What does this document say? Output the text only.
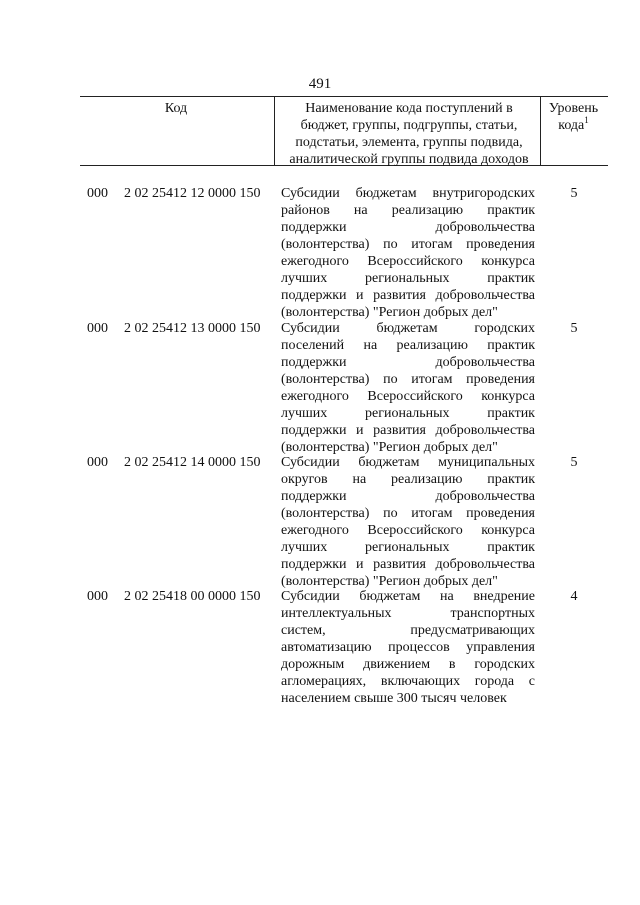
491
Код	Наименование кода поступлений в
бюджет, группы, подгруппы, статьи,
подстатьи, элемента, группы подвида,
аналитической группы подвида доходов
Уровень
кода$^1$
000	2 02 25412 12 0000 150	Субсидии бюджетам внутригородских
районов на реализацию практик
поддержки добровольчества
(волонтерства) по итогам проведения
ежегодного Всероссийского конкурса
лучших региональных практик
поддержки и развития добровольчества
(волонтерства) "Регион добрых дел"
5
000	2 02 25412 13 0000 150	Субсидии бюджетам городских
поселений на реализацию практик
поддержки добровольчества
(волонтерства) по итогам проведения
ежегодного Всероссийского конкурса
лучших региональных практик
поддержки и развития добровольчества
(волонтерства) "Регион добрых дел"
5
000	2 02 25412 14 0000 150	Субсидии бюджетам муниципальных
округов на реализацию практик
поддержки добровольчества
(волонтерства) по итогам проведения
ежегодного Всероссийского конкурса
лучших региональных практик
поддержки и развития добровольчества
(волонтерства) "Регион добрых дел"
5
000	2 02 25418 00 0000 150	Субсидии бюджетам на внедрение
интеллектуальных транспортных
систем, предусматривающих
автоматизацию процессов управления
дорожным движением в городских
агломерациях, включающих города с
населением свыше 300 тысяч человек
4
